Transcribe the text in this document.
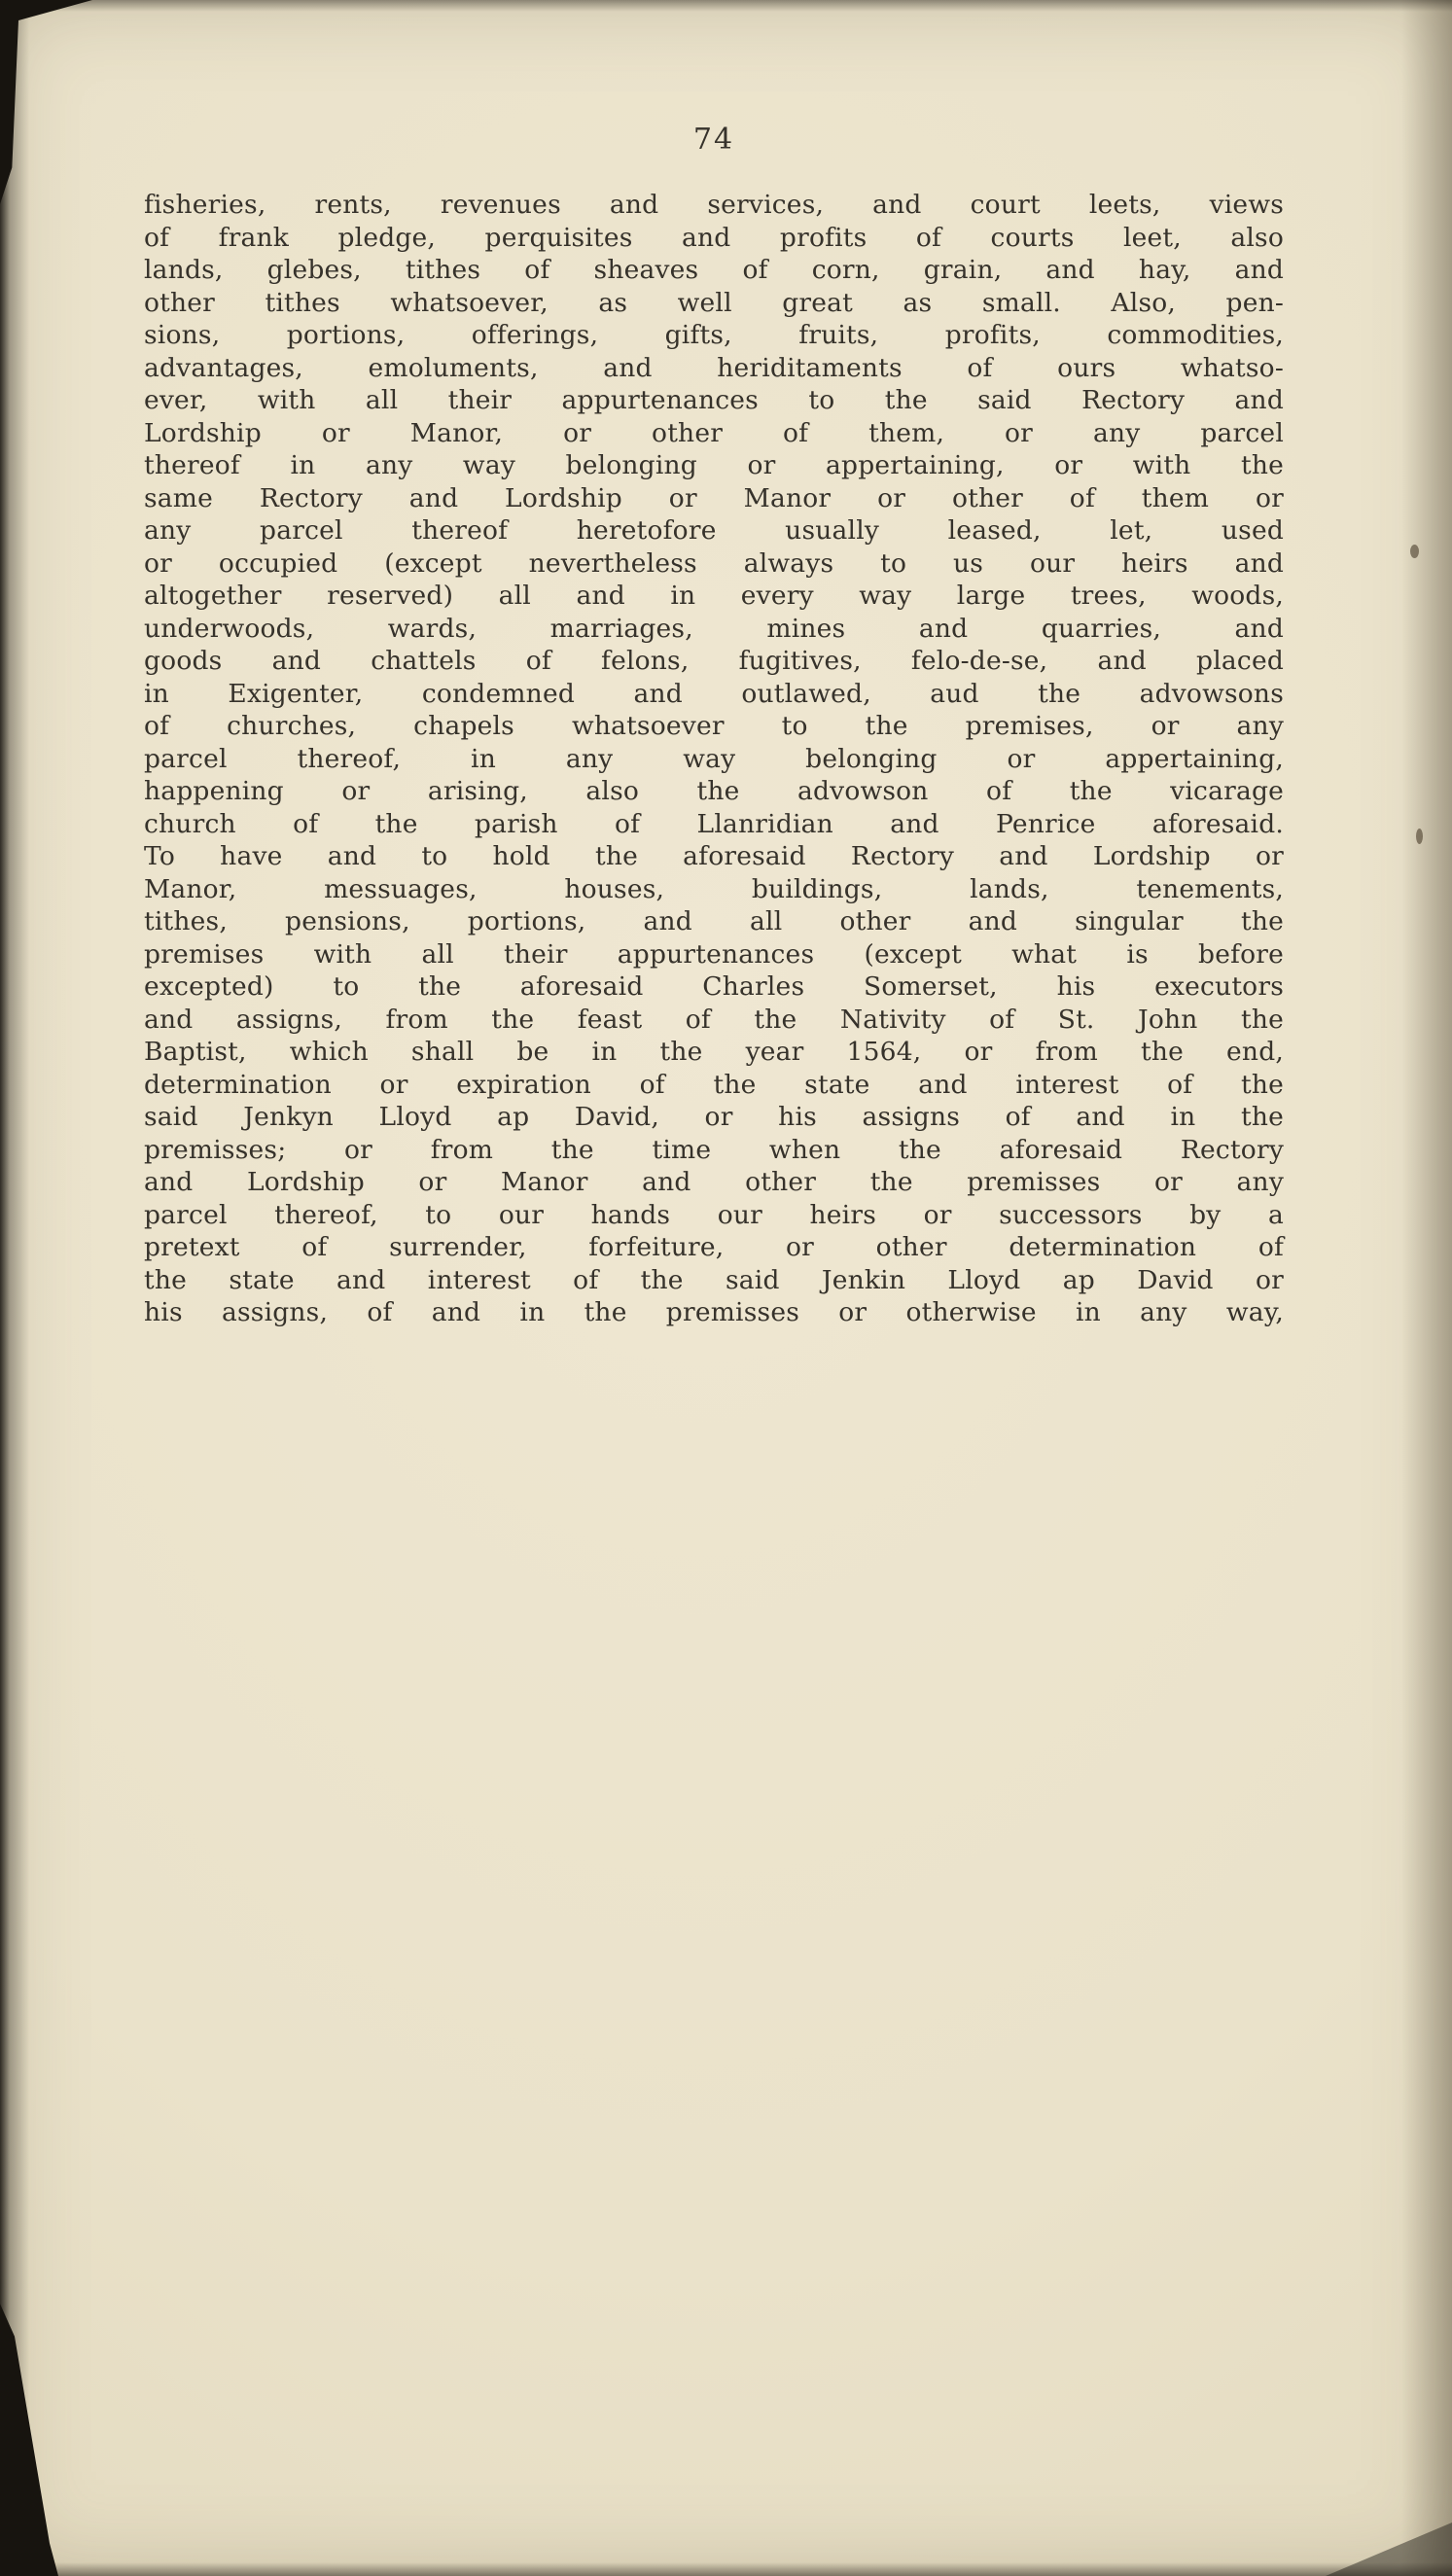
74
fisheries, rents, revenues and services, and court leets, views
of frank pledge, perquisites and profits of courts leet, also
lands, glebes, tithes of sheaves of corn, grain, and hay, and
other tithes whatsoever, as well great as small. Also, pen-
sions, portions, offerings, gifts, fruits, profits, commodities,
advantages, emoluments, and heriditaments of ours whatso-
ever, with all their appurtenances to the said Rectory and
Lordship or Manor, or other of them, or any parcel
thereof in any way belonging or appertaining, or with the
same Rectory and Lordship or Manor or other of them or
any parcel thereof heretofore usually leased, let, used
or occupied (except nevertheless always to us our heirs and
altogether reserved) all and in every way large trees, woods,
underwoods, wards, marriages, mines and quarries, and
goods and chattels of felons, fugitives, felo-de-se, and placed
in Exigenter, condemned and outlawed, aud the advowsons
of churches, chapels whatsoever to the premises, or any
parcel thereof, in any way belonging or appertaining,
happening or arising, also the advowson of the vicarage
church of the parish of Llanridian and Penrice aforesaid.
To have and to hold the aforesaid Rectory and Lordship or
Manor, messuages, houses, buildings, lands, tenements,
tithes, pensions, portions, and all other and singular the
premises with all their appurtenances (except what is before
excepted) to the aforesaid Charles Somerset, his executors
and assigns, from the feast of the Nativity of St. John the
Baptist, which shall be in the year 1564, or from the end,
determination or expiration of the state and interest of the
said Jenkyn Lloyd ap David, or his assigns of and in the
premisses; or from the time when the aforesaid Rectory
and Lordship or Manor and other the premisses or any
parcel thereof, to our hands our heirs or successors by a
pretext of surrender, forfeiture, or other determination of
the state and interest of the said Jenkin Lloyd ap David or
his assigns, of and in the premisses or otherwise in any way,
